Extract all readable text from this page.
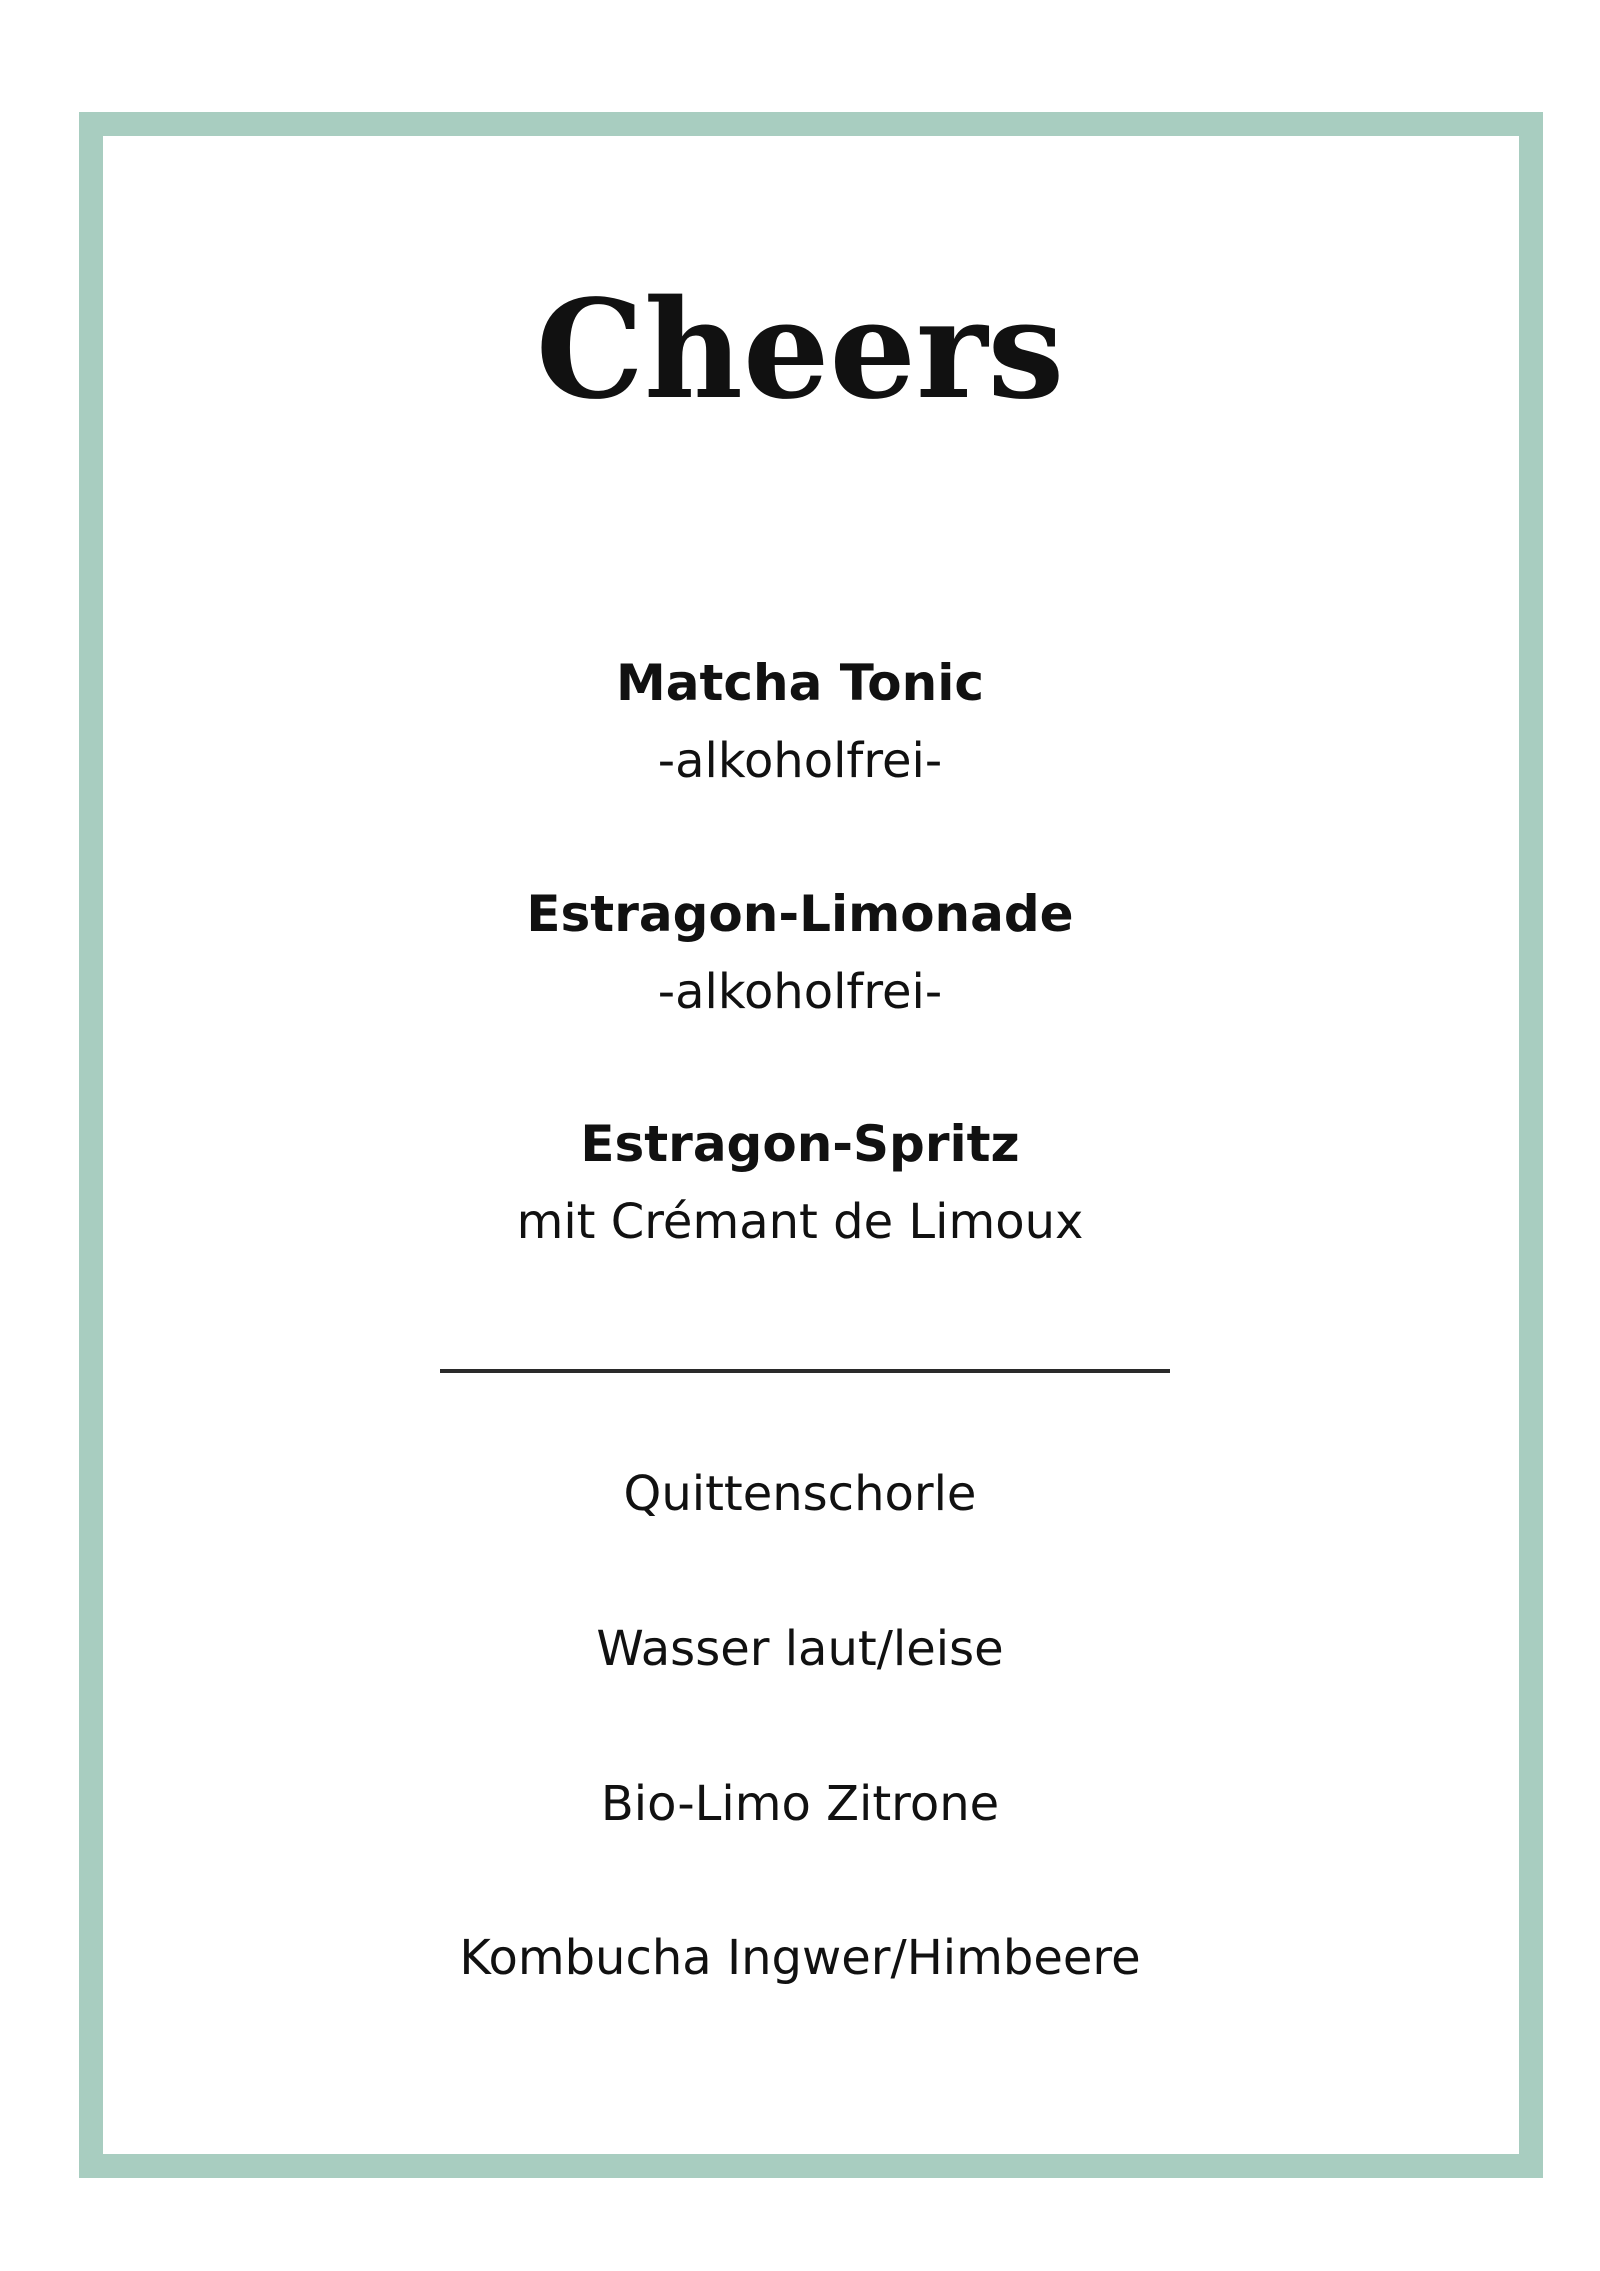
Cheers
Matcha Tonic
-alkoholfrei-
Estragon-Limonade
-alkoholfrei-
Estragon-Spritz
mit Crémant de Limoux
Quittenschorle
Wasser laut/leise
Bio-Limo Zitrone
Kombucha Ingwer/Himbeere
